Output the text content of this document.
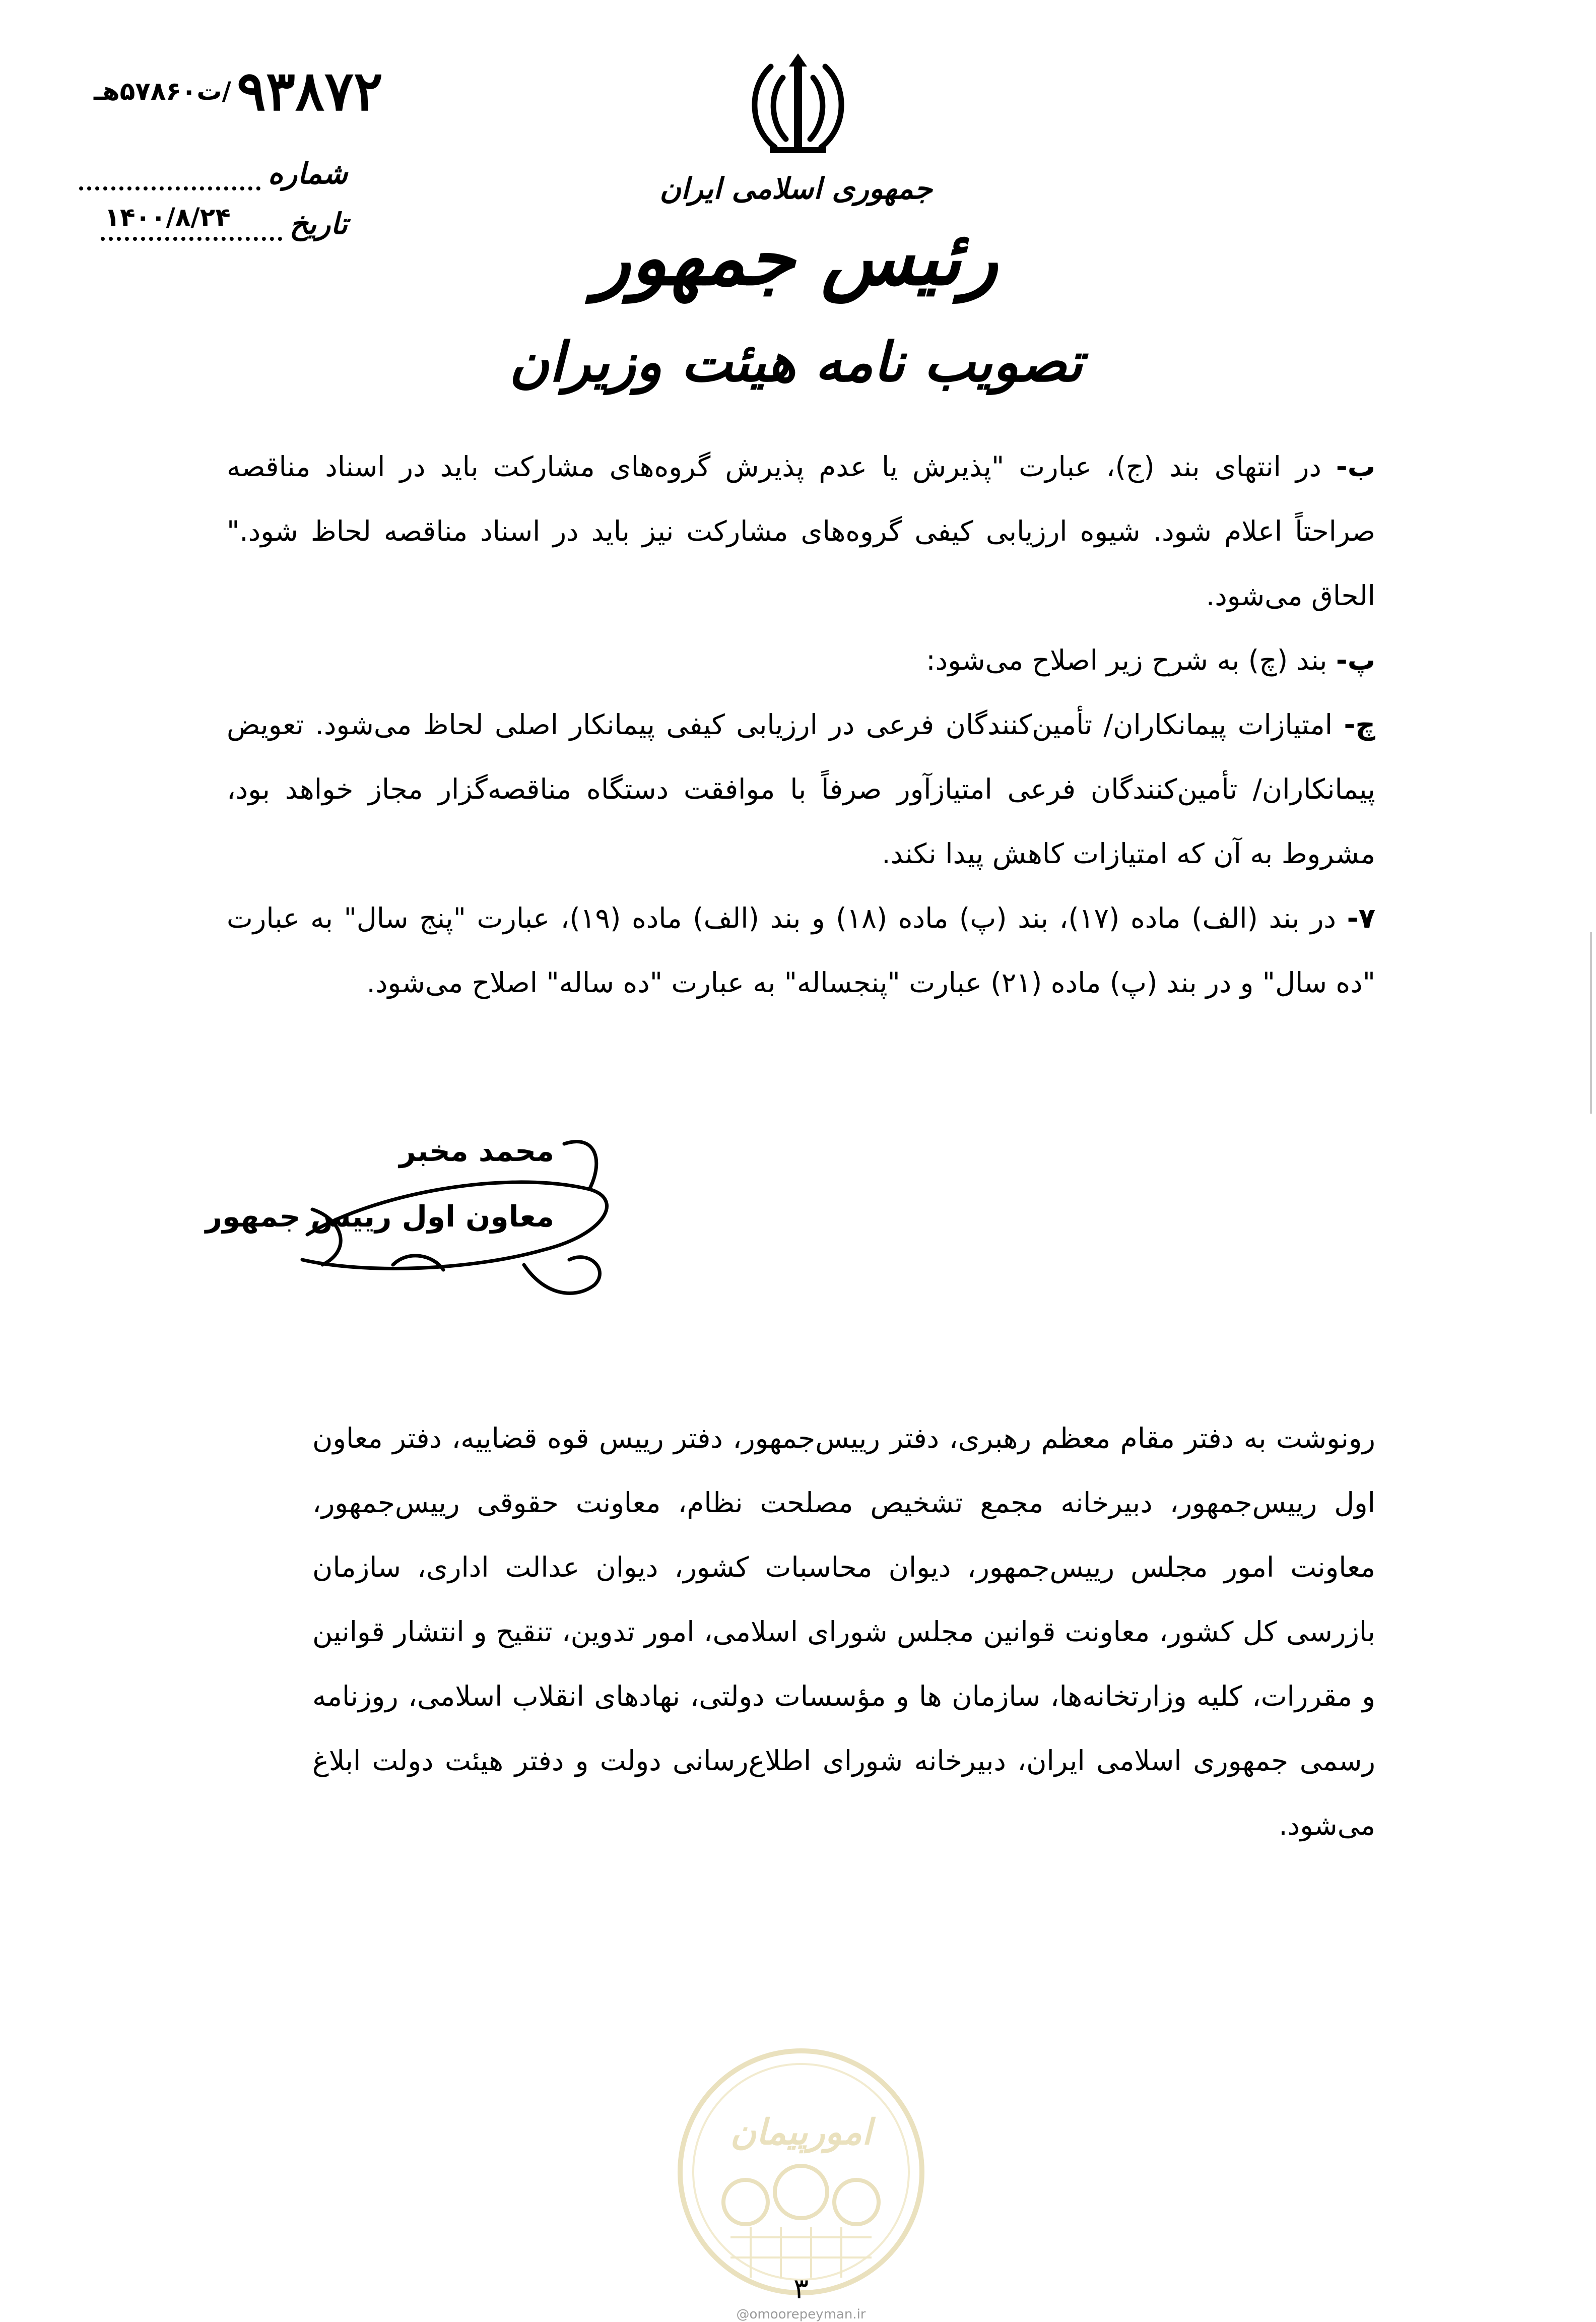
۹۳۸۷۲ /ت۵۷۸۶۰هـ
شماره
تاریخ
۱۴۰۰/۸/۲۴
جمهوری اسلامی ایران
رئیس جمهور
تصویب نامه هیئت وزیران

ب- در انتهای بند (ج)، عبارت "پذیرش یا عدم پذیرش گروه‌های مشارکت باید در اسناد مناقصه صراحتاً اعلام شود. شیوه ارزیابی کیفی گروه‌های مشارکت نیز باید در اسناد مناقصه لحاظ شود." الحاق می‌شود.

پ- بند (چ) به شرح زیر اصلاح می‌شود:

چ- امتیازات پیمانکاران/ تأمین‌کنندگان فرعی در ارزیابی کیفی پیمانکار اصلی لحاظ می‌شود. تعویض پیمانکاران/ تأمین‌کنندگان فرعی امتیازآور صرفاً با موافقت دستگاه مناقصه‌گزار مجاز خواهد بود، مشروط به آن که امتیازات کاهش پیدا نکند.

۷- در بند (الف) ماده (۱۷)، بند (پ) ماده (۱۸) و بند (الف) ماده (۱۹)، عبارت "پنج سال" به عبارت "ده سال" و در بند (پ) ماده (۲۱) عبارت "پنجساله" به عبارت "ده ساله" اصلاح می‌شود.

محمد مخبر
معاون اول رییس جمهور
رونوشت به دفتر مقام معظم رهبری، دفتر رییس‌جمهور، دفتر رییس قوه قضاییه، دفتر معاون اول رییس‌جمهور، دبیرخانه مجمع تشخیص مصلحت نظام، معاونت حقوقی رییس‌جمهور، معاونت امور مجلس رییس‌جمهور، دیوان محاسبات کشور، دیوان عدالت اداری، سازمان بازرسی کل کشور، معاونت قوانین مجلس شورای اسلامی، امور تدوین، تنقیح و انتشار قوانین و مقررات، کلیه وزارتخانه‌ها، سازمان ها و مؤسسات دولتی، نهادهای انقلاب اسلامی، روزنامه رسمی جمهوری اسلامی ایران، دبیرخانه شورای اطلاع‌رسانی دولت و دفتر هیئت دولت ابلاغ می‌شود.
امورپیمان
۳
@omoorepeyman.ir
